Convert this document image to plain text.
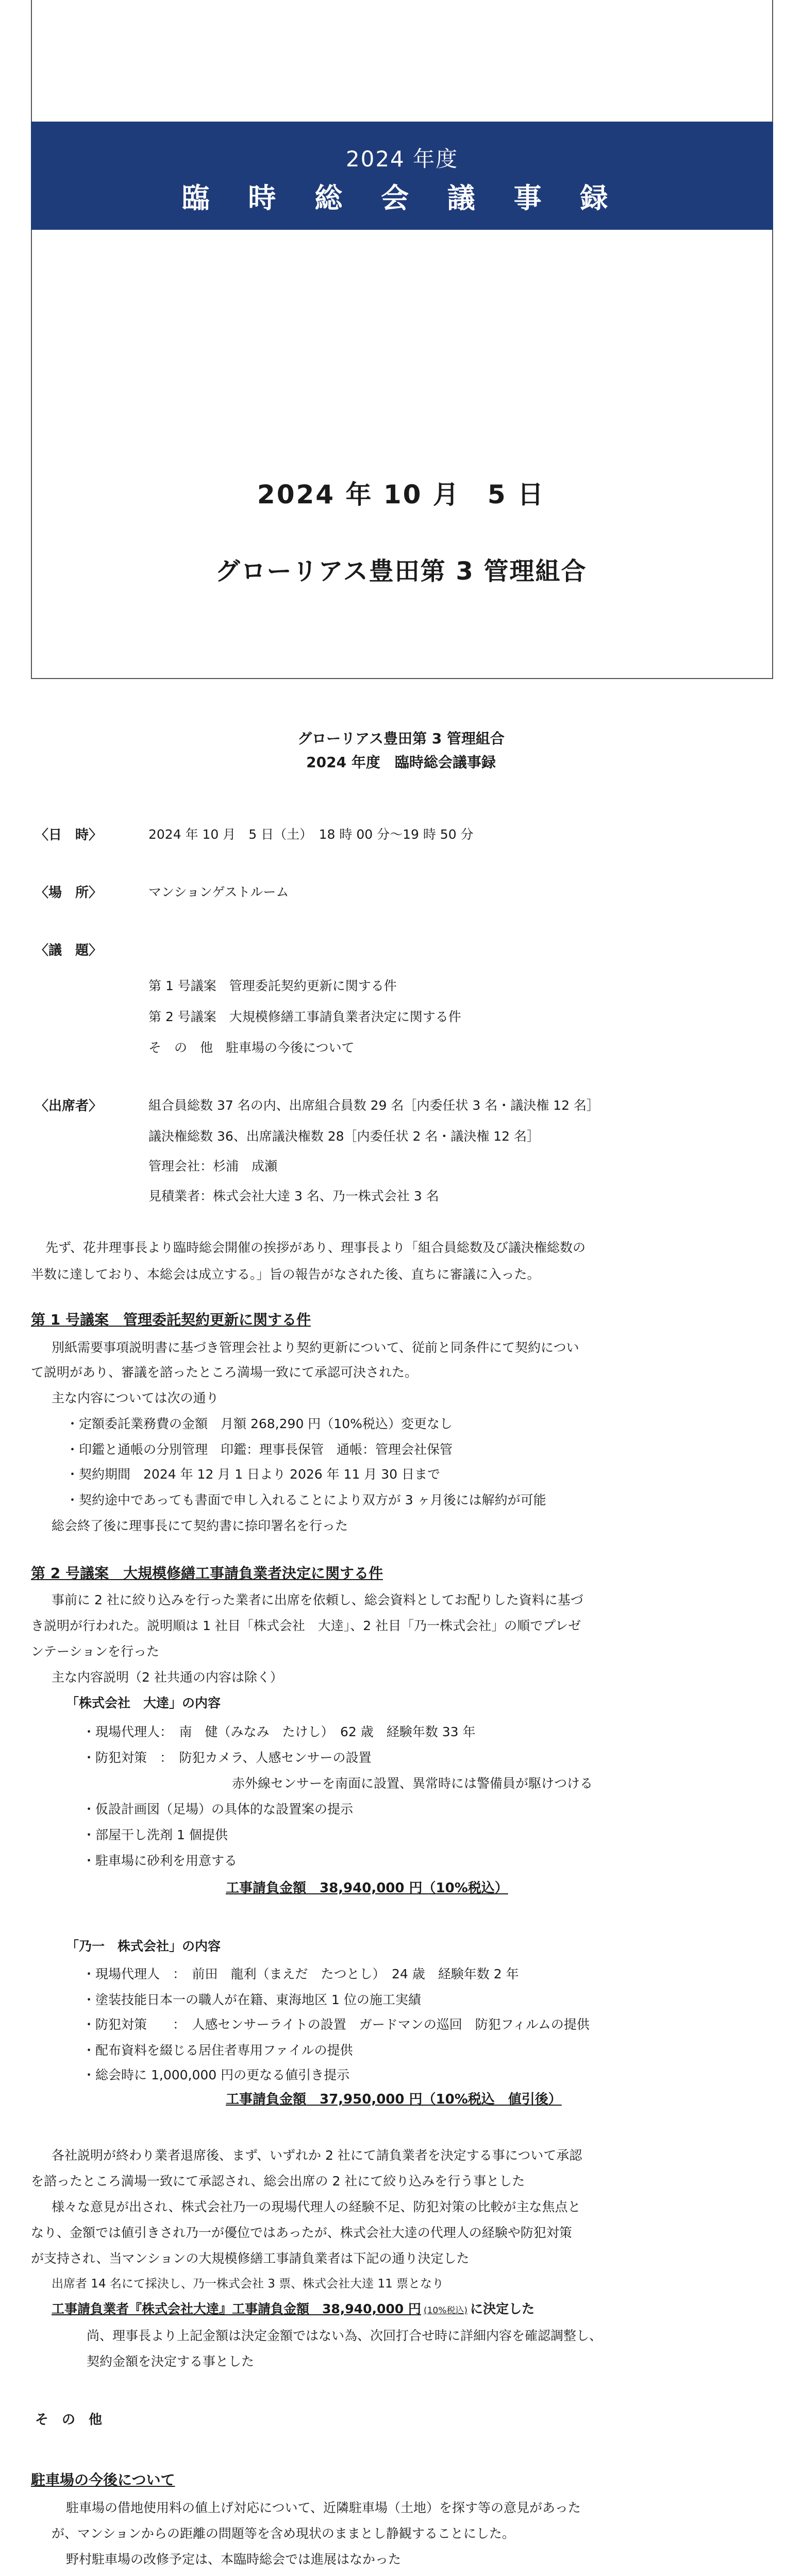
2024 年度
臨 時 総 会 議 事 録
2024 年 10 月　5 日
グローリアス豊田第 3 管理組合
グローリアス豊田第 3 管理組合
2024 年度　臨時総会議事録
〈日　時〉	2024 年 10 月　5 日（土）　18 時 00 分〜19 時 50 分
〈場　所〉	マンションゲストルーム
〈議　題〉
第 1 号議案　管理委託契約更新に関する件
第 2 号議案　大規模修繕工事請負業者決定に関する件
そ　の　他　駐車場の今後について
〈出席者〉	組合員総数 37 名の内、出席組合員数 29 名［内委任状 3 名・議決権 12 名］
議決権総数 36、出席議決権数 28［内委任状 2 名・議決権 12 名］
管理会社：杉浦　成瀬
見積業者：株式会社大逹 3 名、乃一株式会社 3 名
先ず、花井理事長より臨時総会開催の挨拶があり、理事長より「組合員総数及び議決権総数の
半数に達しており、本総会は成立する。」旨の報告がなされた後、直ちに審議に入った。
第 1 号議案　管理委託契約更新に関する件
別紙需要事項説明書に基づき管理会社より契約更新について、従前と同条件にて契約につい
て説明があり、審議を諮ったところ満場一致にて承認可決された。
主な内容については次の通り
・ 定額委託業務費の金額　月額 268,290 円（10%税込）変更なし
・ 印鑑と通帳の分別管理　印鑑：理事長保管　通帳：管理会社保管
・ 契約期間　2024 年 12 月 1 日より 2026 年 11 月 30 日まで
・ 契約途中であっても書面で申し入れることにより双方が 3 ヶ月後には解約が可能
総会終了後に理事長にて契約書に捺印署名を行った
第 2 号議案　大規模修繕工事請負業者決定に関する件
事前に 2 社に絞り込みを行った業者に出席を依頼し、総会資料としてお配りした資料に基づ
き説明が行われた。説明順は 1 社目「株式会社　大逹」、2 社目「乃一株式会社」の順でプレゼ
ンテーションを行った
主な内容説明（2 社共通の内容は除く）
「株式会社　大逹」の内容
・ 現場代理人：　南　健（みなみ　たけし）　62 歳　経験年数 33 年
・ 防犯対策　：　防犯カメラ、人感センサーの設置
赤外線センサーを南面に設置、異常時には警備員が駆けつける
・ 仮設計画図（足場）の具体的な設置案の提示
・ 部屋干し洗剤 1 個提供
・ 駐車場に砂利を用意する
工事請負金額　38,940,000 円（10%税込）
「乃一　株式会社」の内容
・ 現場代理人　：　前田　龍利（まえだ　たつとし）　24 歳　経験年数 2 年
・ 塗装技能日本一の職人が在籍、東海地区 1 位の施工実績
・ 防犯対策　　：　人感センサーライトの設置　ガードマンの巡回　防犯フィルムの提供
・ 配布資料を綴じる居住者専用ファイルの提供
・ 総会時に 1,000,000 円の更なる値引き提示
工事請負金額　37,950,000 円（10%税込　値引後）
各社説明が終わり業者退席後、まず、いずれか 2 社にて請負業者を決定する事について承認
を諮ったところ満場一致にて承認され、総会出席の 2 社にて絞り込みを行う事とした
様々な意見が出され、株式会社乃一の現場代理人の経験不足、防犯対策の比較が主な焦点と
なり、金額では値引きされ乃一が優位ではあったが、株式会社大逹の代理人の経験や防犯対策
が支持され、当マンションの大規模修繕工事請負業者は下記の通り決定した
出席者 14 名にて採決し、乃一株式会社 3 票、株式会社大逹 11 票となり
工事請負業者『株式会社大逹』工事請負金額　38,940,000 円 (10%税込) に決定した
尚、理事長より上記金額は決定金額ではない為、次回打合せ時に詳細内容を確認調整し、
契約金額を決定する事とした
そ　の　他
駐車場の今後について
駐車場の借地使用料の値上げ対応について、近隣駐車場（土地）を探す等の意見があった
が、マンションからの距離の問題等を含め現状のままとし静観することにした。
野村駐車場の改修予定は、本臨時総会では進展はなかった
